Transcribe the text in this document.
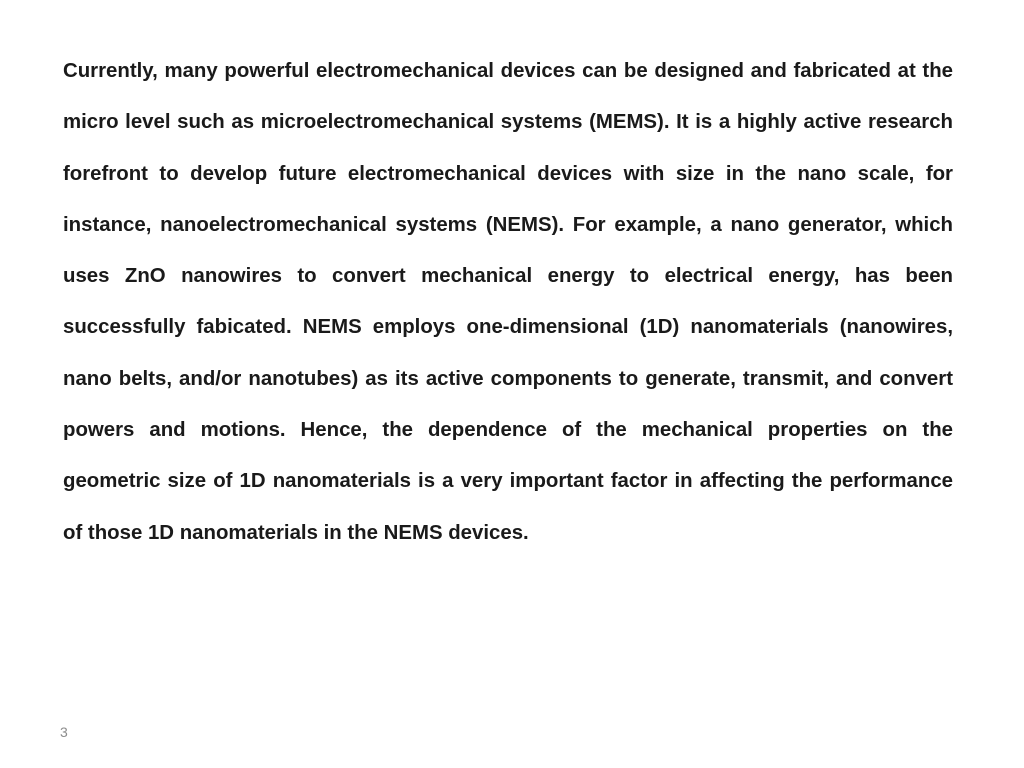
Currently, many powerful electromechanical devices can be designed and fabricated at the micro level such as microelectromechanical systems (MEMS). It is a highly active research forefront to develop future electromechanical devices with size in the nano scale, for instance, nanoelectromechanical systems (NEMS). For example, a nano generator, which uses ZnO nanowires to convert mechanical energy to electrical energy, has been successfully fabicated. NEMS employs one-dimensional (1D) nanomaterials (nanowires, nano belts, and/or nanotubes) as its active components to generate, transmit, and convert powers and motions. Hence, the dependence of the mechanical properties on the geometric size of 1D nanomaterials is a very important factor in affecting the performance of those 1D nanomaterials in the NEMS devices.

3
